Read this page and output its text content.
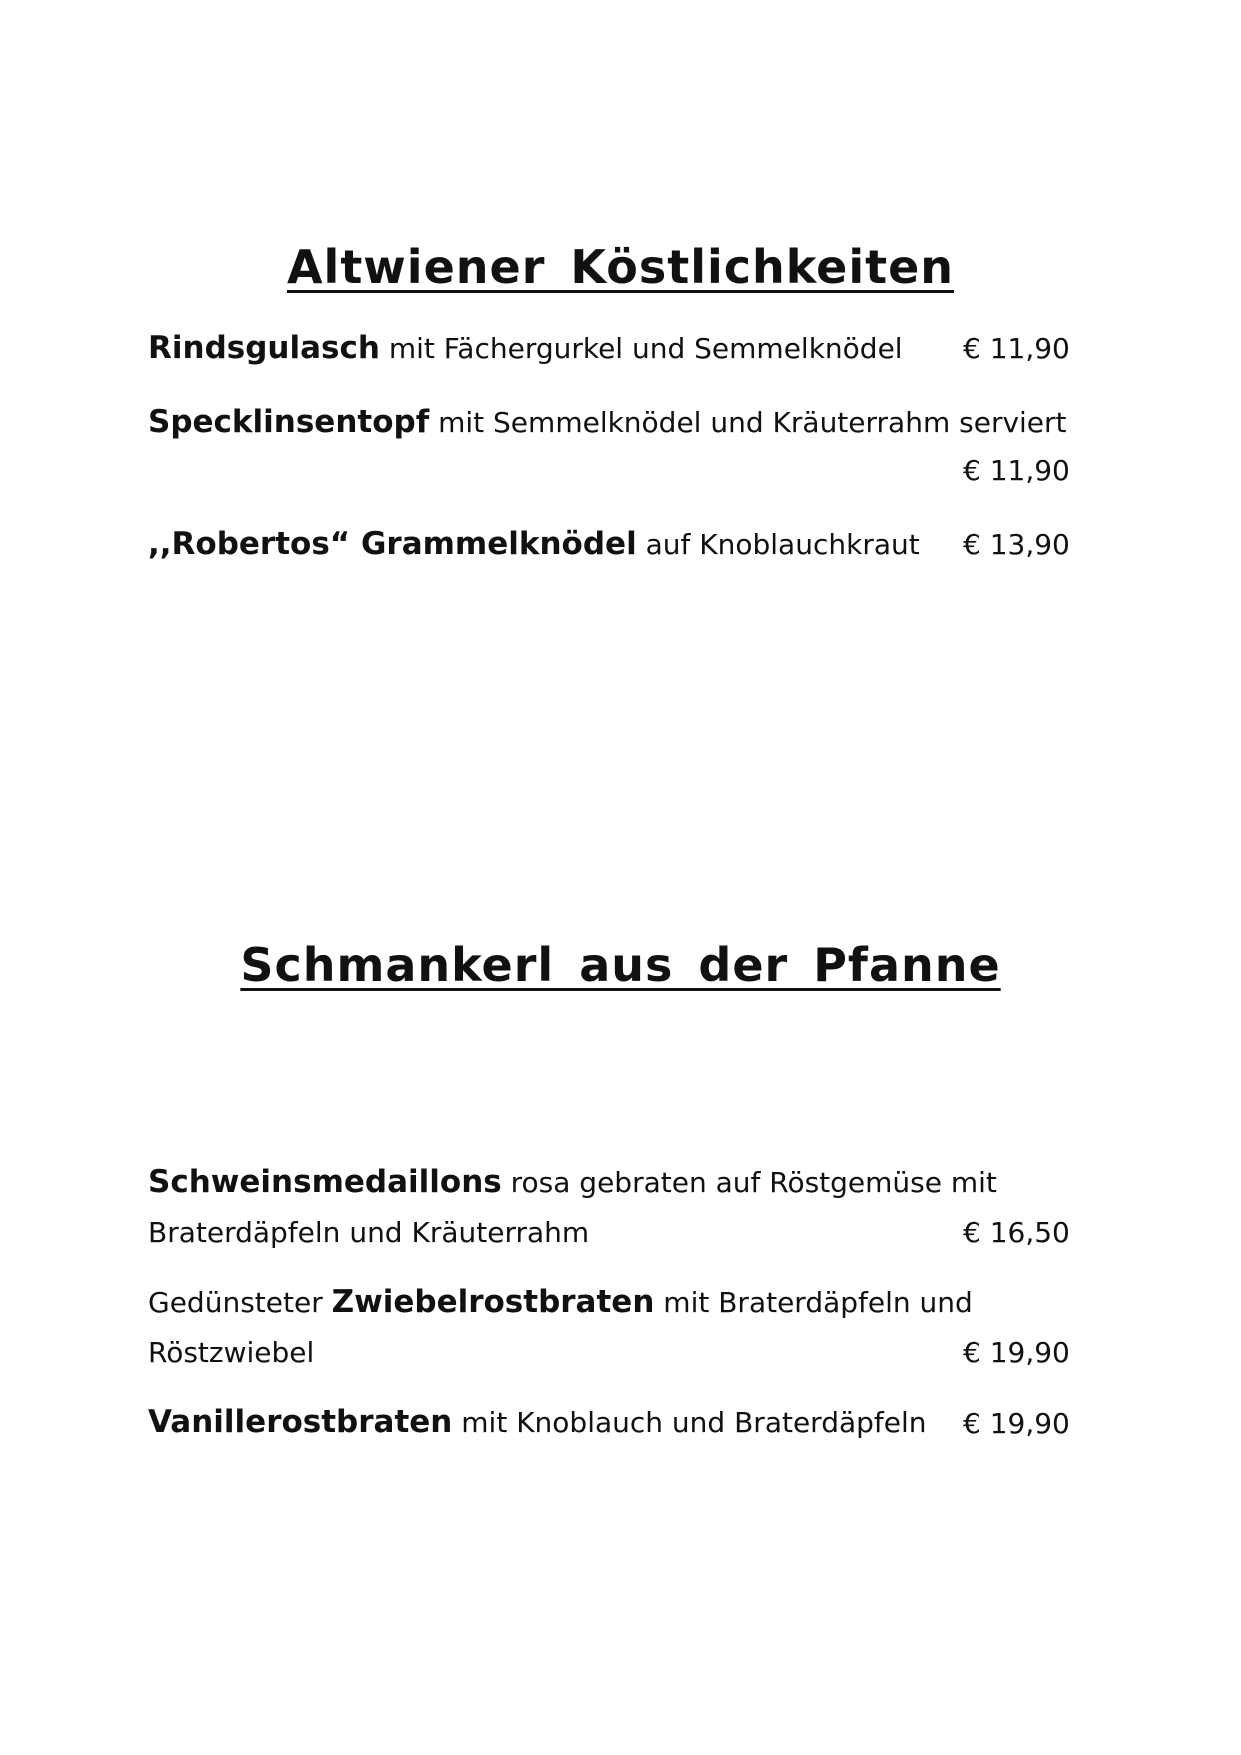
Altwiener Köstlichkeiten
Rindsgulasch mit Fächergurkel und Semmelknödel € 11,90
Specklinsentopf mit Semmelknödel und Kräuterrahm serviert
€ 11,90
,,Robertos“ Grammelknödel auf Knoblauchkraut € 13,90
Schmankerl aus der Pfanne
Schweinsmedaillons rosa gebraten auf Röstgemüse mit
Braterdäpfeln und Kräuterrahm	€ 16,50
Gedünsteter Zwiebelrostbraten mit Braterdäpfeln und
Röstzwiebel	€ 19,90
Vanillerostbraten mit Knoblauch und Braterdäpfeln € 19,90
